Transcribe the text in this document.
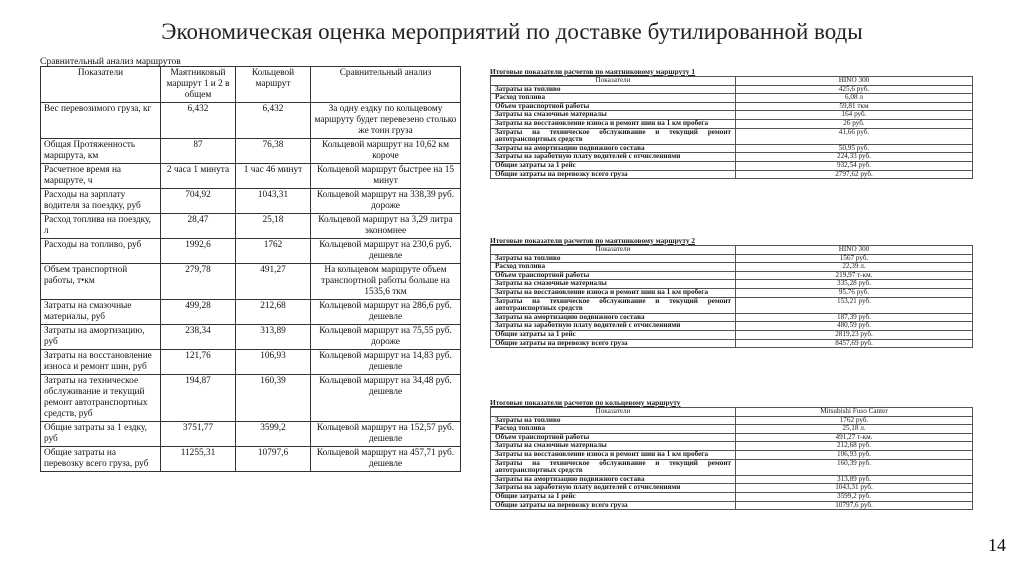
Экономическая оценка мероприятий по доставке бутилированной воды
Сравнительный анализ маршрутов
Показатели	Маятниковый маршрут 1 и 2 в общем	Кольцевой маршрут	Сравнительный анализ
Вес перевозимого груза, кг	6,432	6,432	За одну ездку по кольцевому маршруту будет перевезено столько же тонн груза
Общая Протяженность маршрута, км	87	76,38	Кольцевой маршрут на 10,62 км короче
Расчетное время на маршруте, ч	2 часа 1 минута	1 час 46 минут	Кольцевой маршрут быстрее на 15 минут
Расходы на зарплату водителя за поездку, руб	704,92	1043,31	Кольцевой маршрут на 338,39 руб. дороже
Расход топлива на поездку, л	28,47	25,18	Кольцевой маршрут на 3,29 литра экономнее
Расходы на топливо, руб	1992,6	1762	Кольцевой маршрут на 230,6 руб. дешевле
Объем транспортной работы, т•км	279,78	491,27	На кольцевом маршруте объем транспортной работы больше на 1535,6 ткм
Затраты на смазочные материалы, руб	499,28	212,68	Кольцевой маршрут на 286,6 руб. дешевле
Затраты на амортизацию, руб	238,34	313,89	Кольцевой маршрут на 75,55 руб. дороже
Затраты на восстановление износа и ремонт шин, руб	121,76	106,93	Кольцевой маршрут на 14,83 руб. дешевле
Затраты на техническое обслуживание и текущий ремонт автотранспортных средств, руб	194,87	160,39	Кольцевой маршрут на 34,48 руб. дешевле
Общие затраты за 1 ездку, руб	3751,77	3599,2	Кольцевой маршрут на 152,57 руб. дешевле
Общие затраты на перевозку всего груза, руб	11255,31	10797,6	Кольцевой маршрут на 457,71 руб. дешевле
Итоговые показатели расчетов по маятниковому маршруту 1
Показатели	HINO 300
Затраты на топливо	425,6 руб.
Расход топлива	6,08 л
Объем транспортной работы	59,81 ткм
Затраты на смазочные материалы	164 руб.
Затраты на восстановление износа и ремонт шин на 1 км пробега	26 руб.
Затраты на техническое обслуживание и текущий ремонт автотранспортных средств	41,66 руб.
Затраты на амортизацию подвижного состава	50,95 руб.
Затраты на заработную плату водителей с отчислениями	224,33 руб.
Общие затраты за 1 рейс	932,54 руб.
Общие затраты на перевозку всего груза	2797,62 руб.
Итоговые показатели расчетов по маятниковому маршруту 2
Показатели	HINO 300
Затраты на топливо	1567 руб.
Расход топлива	22,39 л.
Объем транспортной работы	219,97 т-км.
Затраты на смазочные материалы	335,28 руб.
Затраты на восстановление износа и ремонт шин на 1 км пробега	95,76 руб.
Затраты на техническое обслуживание и текущий ремонт автотранспортных средств	153,21 руб.
Затраты на амортизацию подвижного состава	187,39 руб.
Затраты на заработную плату водителей с отчислениями	480,59 руб.
Общие затраты за 1 рейс	2819,23 руб.
Общие затраты на перевозку всего груза	8457,69 руб.
Итоговые показатели расчетов по кольцевому маршруту
Показатели	Mitsubishi Fuso Canter
Затраты на топливо	1762 руб.
Расход топлива	25,18 л.
Объем транспортной работы	491,27 т-км.
Затраты на смазочные материалы	212,68 руб.
Затраты на восстановление износа и ремонт шин на 1 км пробега	106,93 руб.
Затраты на техническое обслуживание и текущий ремонт автотранспортных средств	160,39 руб.
Затраты на амортизацию подвижного состава	313,89 руб.
Затраты на заработную плату водителей с отчислениями	1043,31 руб.
Общие затраты за 1 рейс	3599,2 руб.
Общие затраты на перевозку всего груза	10797,6 руб.
14
